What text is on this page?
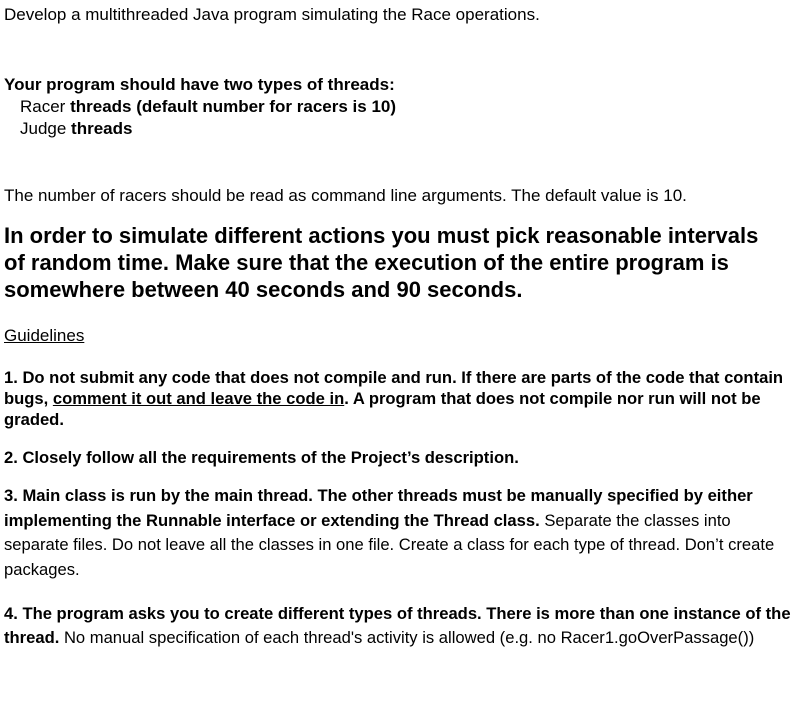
Develop a multithreaded Java program simulating the Race operations.

Your program should have two types of threads:

Racer threads (default number for racers is 10)

Judge threads

The number of racers should be read as command line arguments. The default value is 10.

In order to simulate different actions you must pick reasonable intervals of random time. Make sure that the execution of the entire program is somewhere between 40 seconds and 90 seconds.

Guidelines

1. Do not submit any code that does not compile and run. If there are parts of the code that contain bugs, comment it out and leave the code in. A program that does not compile nor run will not be graded.

2. Closely follow all the requirements of the Project’s description.

3. Main class is run by the main thread. The other threads must be manually specified by either implementing the Runnable interface or extending the Thread class. Separate the classes into separate files. Do not leave all the classes in one file. Create a class for each type of thread. Don’t create packages.

4. The program asks you to create different types of threads. There is more than one instance of the thread. No manual specification of each thread's activity is allowed (e.g. no Racer1.goOverPassage())
